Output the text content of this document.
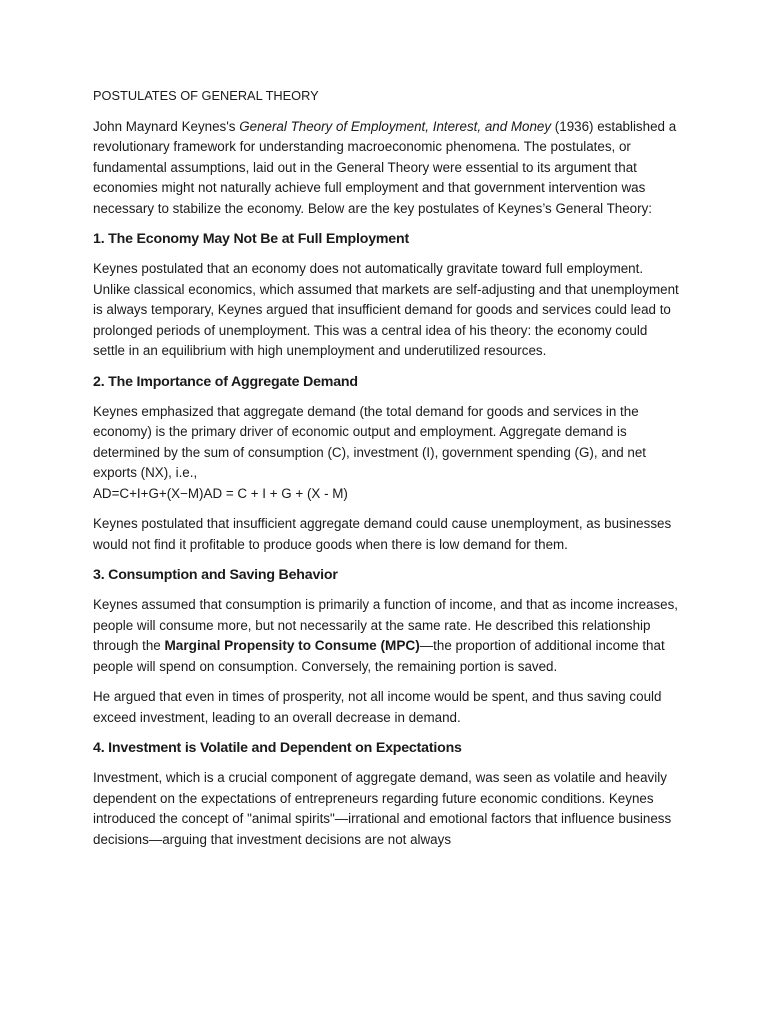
POSTULATES OF GENERAL THEORY

John Maynard Keynes's General Theory of Employment, Interest, and Money (1936) established a revolutionary framework for understanding macroeconomic phenomena. The postulates, or fundamental assumptions, laid out in the General Theory were essential to its argument that economies might not naturally achieve full employment and that government intervention was necessary to stabilize the economy. Below are the key postulates of Keynes’s General Theory:

1. The Economy May Not Be at Full Employment

Keynes postulated that an economy does not automatically gravitate toward full employment. Unlike classical economics, which assumed that markets are self-adjusting and that unemployment is always temporary, Keynes argued that insufficient demand for goods and services could lead to prolonged periods of unemployment. This was a central idea of his theory: the economy could settle in an equilibrium with high unemployment and underutilized resources.

2. The Importance of Aggregate Demand

Keynes emphasized that aggregate demand (the total demand for goods and services in the economy) is the primary driver of economic output and employment. Aggregate demand is determined by the sum of consumption (C), investment (I), government spending (G), and net exports (NX), i.e.,

AD=C+I+G+(X−M)AD = C + I + G + (X - M)

Keynes postulated that insufficient aggregate demand could cause unemployment, as businesses would not find it profitable to produce goods when there is low demand for them.

3. Consumption and Saving Behavior

Keynes assumed that consumption is primarily a function of income, and that as income increases, people will consume more, but not necessarily at the same rate. He described this relationship through the Marginal Propensity to Consume (MPC)—the proportion of additional income that people will spend on consumption. Conversely, the remaining portion is saved.

He argued that even in times of prosperity, not all income would be spent, and thus saving could exceed investment, leading to an overall decrease in demand.

4. Investment is Volatile and Dependent on Expectations

Investment, which is a crucial component of aggregate demand, was seen as volatile and heavily dependent on the expectations of entrepreneurs regarding future economic conditions. Keynes introduced the concept of "animal spirits"—irrational and emotional factors that influence business decisions—arguing that investment decisions are not always
